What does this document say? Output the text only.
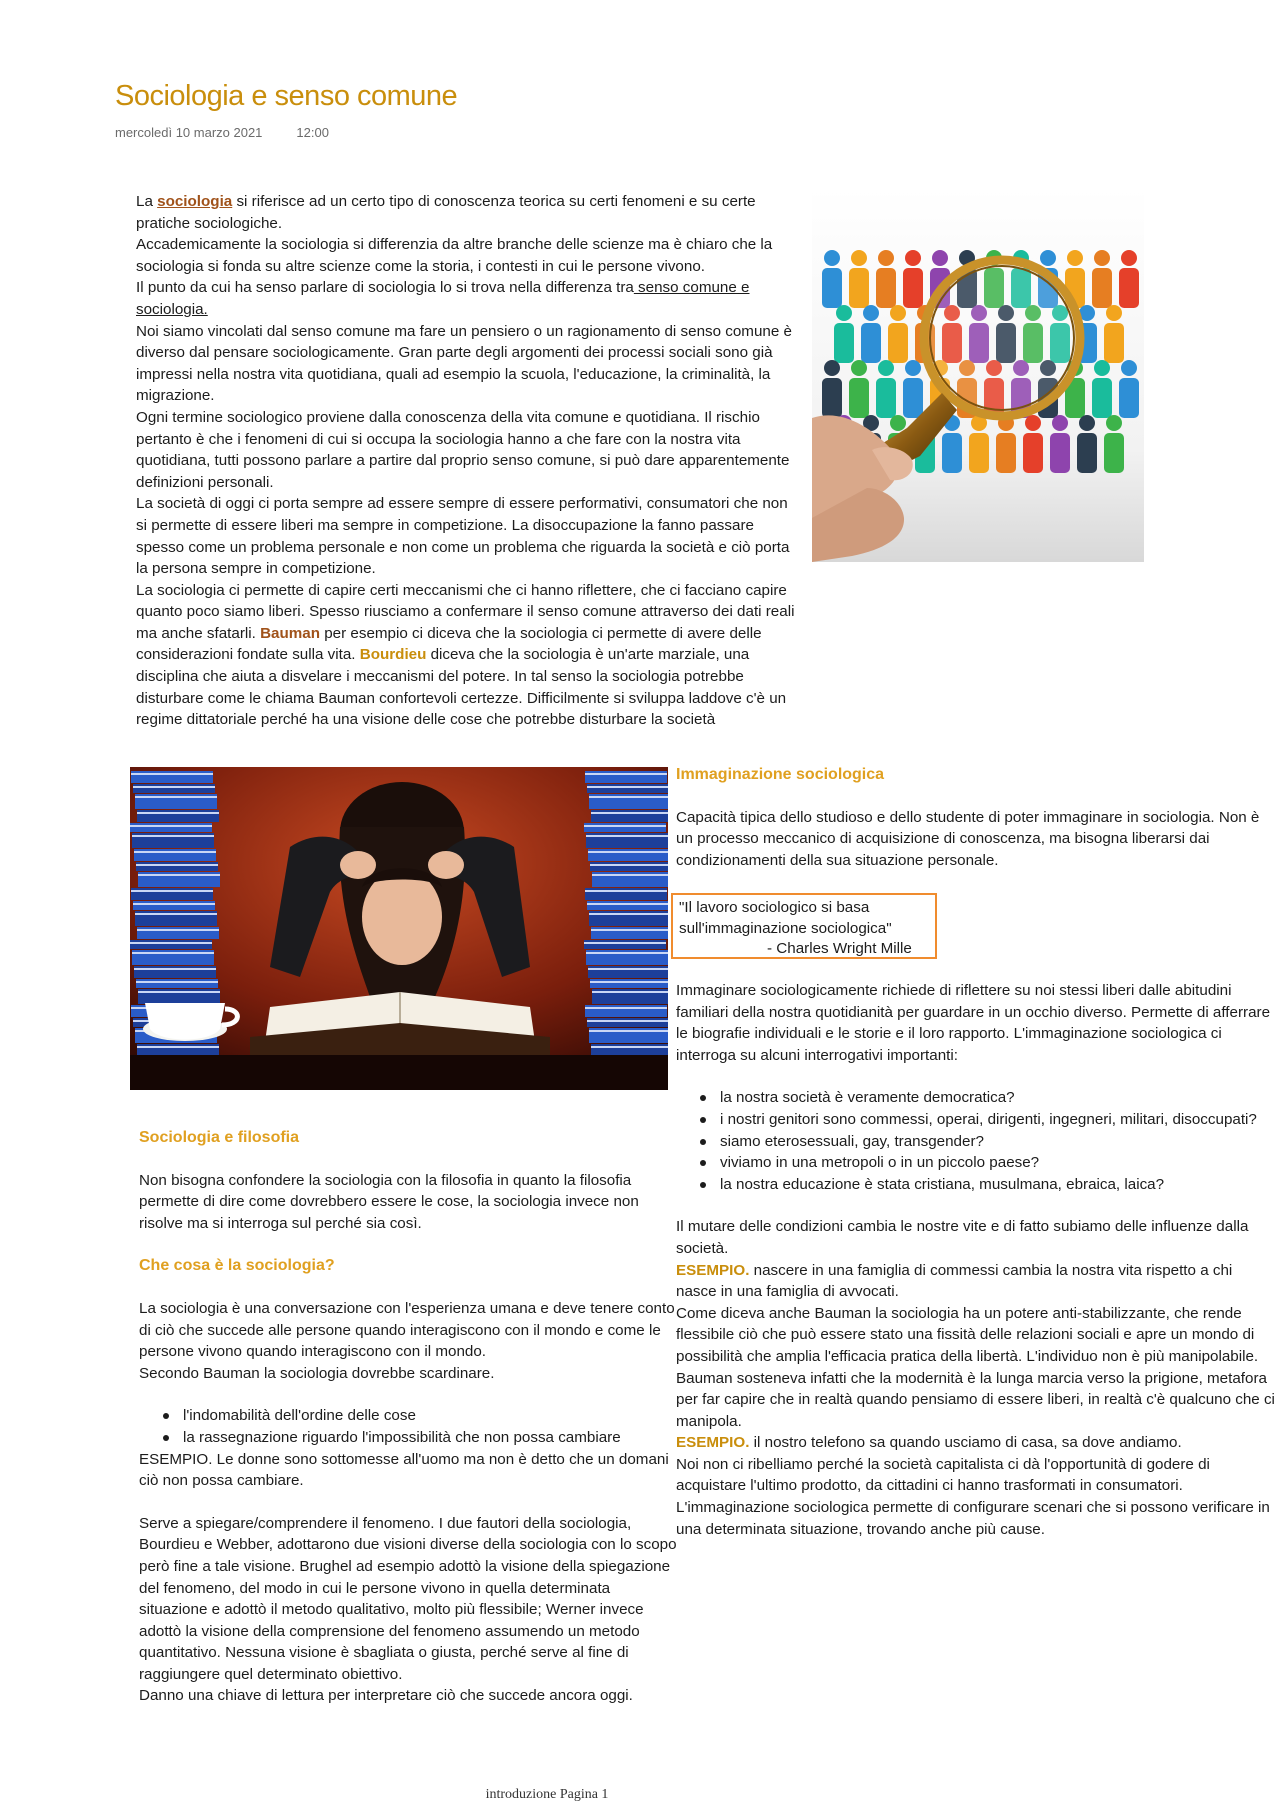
Sociologia e senso comune
mercoledì 10 marzo 2021	12:00

La sociologia si riferisce ad un certo tipo di conoscenza teorica su certi fenomeni e su certe pratiche sociologiche.

Accademicamente la sociologia si differenzia da altre branche delle scienze ma è chiaro che la sociologia si fonda su altre scienze come la storia, i contesti in cui le persone vivono.

Il punto da cui ha senso parlare di sociologia lo si trova nella differenza tra senso comune e sociologia.

Noi siamo vincolati dal senso comune ma fare un pensiero o un ragionamento di senso comune è diverso dal pensare sociologicamente. Gran parte degli argomenti dei processi sociali sono già impressi nella nostra vita quotidiana, quali ad esempio la scuola, l'educazione, la criminalità, la migrazione.

Ogni termine sociologico proviene dalla conoscenza della vita comune e quotidiana. Il rischio pertanto è che i fenomeni di cui si occupa la sociologia hanno a che fare con la nostra vita quotidiana, tutti possono parlare a partire dal proprio senso comune, si può dare apparentemente definizioni personali.

La società di oggi ci porta sempre ad essere sempre di essere performativi, consumatori che non si permette di essere liberi ma sempre in competizione. La disoccupazione la fanno passare spesso come un problema personale e non come un problema che riguarda la società e ciò porta la persona sempre in competizione.

La sociologia ci permette di capire certi meccanismi che ci hanno riflettere, che ci facciano capire quanto poco siamo liberi. Spesso riusciamo a confermare il senso comune attraverso dei dati reali ma anche sfatarli. Bauman per esempio ci diceva che la sociologia ci permette di avere delle considerazioni fondate sulla vita. Bourdieu diceva che la sociologia è un'arte marziale, una disciplina che aiuta a disvelare i meccanismi del potere. In tal senso la sociologia potrebbe disturbare come le chiama Bauman confortevoli certezze. Difficilmente si sviluppa laddove c'è un regime dittatoriale perché ha una visione delle cose che potrebbe disturbare la società

Immaginazione sociologica

Capacità tipica dello studioso e dello studente di poter immaginare in sociologia. Non è un processo meccanico di acquisizione di conoscenza, ma bisogna liberarsi dai condizionamenti della sua situazione personale.

"Il lavoro sociologico si basa sull'immaginazione sociologica"
- Charles Wright Mille

Immaginare sociologicamente richiede di riflettere su noi stessi liberi dalle abitudini familiari della nostra quotidianità per guardare in un occhio diverso. Permette di afferrare le biografie individuali e le storie e il loro rapporto. L'immaginazione sociologica ci interroga su alcuni interrogativi importanti:

la nostra società è veramente democratica?
i nostri genitori sono commessi, operai, dirigenti, ingegneri, militari, disoccupati?
siamo eterosessuali, gay, transgender?
viviamo in una metropoli o in un piccolo paese?
la nostra educazione è stata cristiana, musulmana, ebraica, laica?

Il mutare delle condizioni cambia le nostre vite e di fatto subiamo delle influenze dalla società.

ESEMPIO. nascere in una famiglia di commessi cambia la nostra vita rispetto a chi nasce in una famiglia di avvocati.

Come diceva anche Bauman la sociologia ha un potere anti-stabilizzante, che rende flessibile ciò che può essere stato una fissità delle relazioni sociali e apre un mondo di possibilità che amplia l'efficacia pratica della libertà. L'individuo non è più manipolabile.

Bauman sosteneva infatti che la modernità è la lunga marcia verso la prigione, metafora per far capire che in realtà quando pensiamo di essere liberi, in realtà c'è qualcuno che ci manipola.

ESEMPIO. il nostro telefono sa quando usciamo di casa, sa dove andiamo.

Noi non ci ribelliamo perché la società capitalista ci dà l'opportunità di godere di acquistare l'ultimo prodotto, da cittadini ci hanno trasformati in consumatori.

L'immaginazione sociologica permette di configurare scenari che si possono verificare in una determinata situazione, trovando anche più cause.

Sociologia e filosofia

Non bisogna confondere la sociologia con la filosofia in quanto la filosofia permette di dire come dovrebbero essere le cose, la sociologia invece non risolve ma si interroga sul perché sia così.

Che cosa è la sociologia?

La sociologia è una conversazione con l'esperienza umana e deve tenere conto di ciò che succede alle persone quando interagiscono con il mondo e come le persone vivono quando interagiscono con il mondo.

Secondo Bauman la sociologia dovrebbe scardinare.

l'indomabilità dell'ordine delle cose
la rassegnazione riguardo l'impossibilità che non possa cambiare

ESEMPIO. Le donne sono sottomesse all'uomo ma non è detto che un domani ciò non possa cambiare.

Serve a spiegare/comprendere il fenomeno. I due fautori della sociologia, Bourdieu e Webber, adottarono due visioni diverse della sociologia con lo scopo però fine a tale visione. Brughel ad esempio adottò la visione della spiegazione del fenomeno, del modo in cui le persone vivono in quella determinata situazione e adottò il metodo qualitativo, molto più flessibile; Werner invece adottò la visione della comprensione del fenomeno assumendo un metodo quantitativo. Nessuna visione è sbagliata o giusta, perché serve al fine di raggiungere quel determinato obiettivo.

Danno una chiave di lettura per interpretare ciò che succede ancora oggi.

introduzione Pagina 1
